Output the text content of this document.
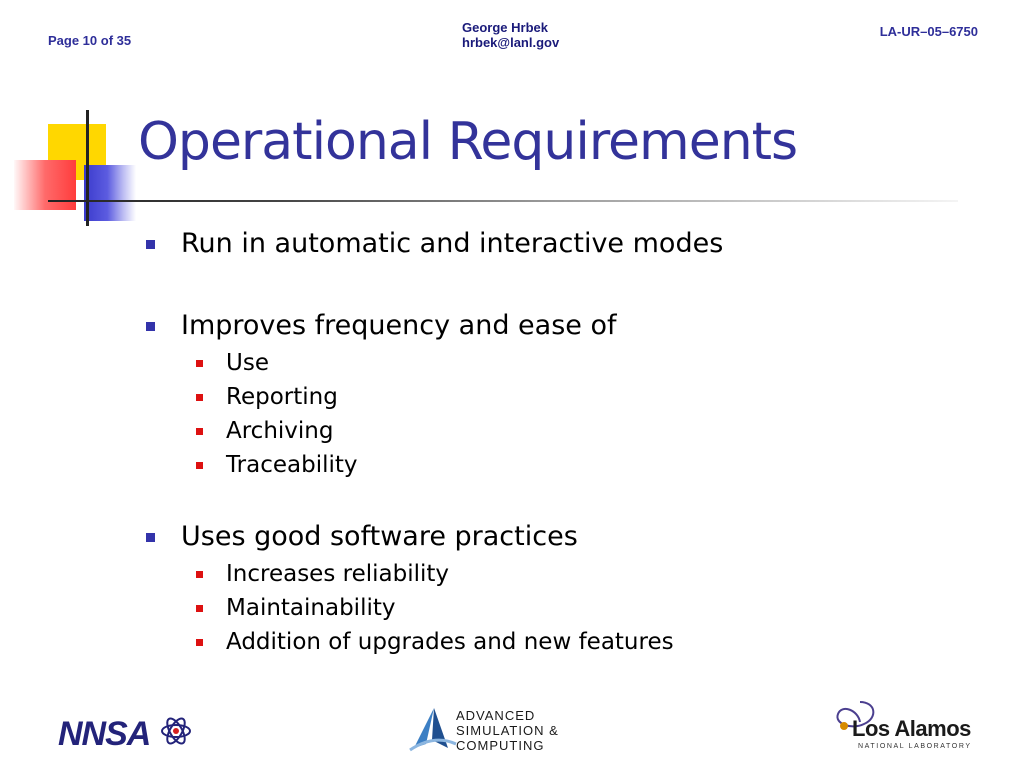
Page 10 of 35
George Hrbek
hrbek@lanl.gov
LA-UR–05–6750
Operational Requirements
Run in automatic and interactive modes
Improves frequency and ease of
Use
Reporting
Archiving
Traceability
Uses good software practices
Increases reliability
Maintainability
Addition of upgrades and new features
NNSA	ADVANCED
SIMULATION &
COMPUTING
Los Alamos
NATIONAL LABORATORY
